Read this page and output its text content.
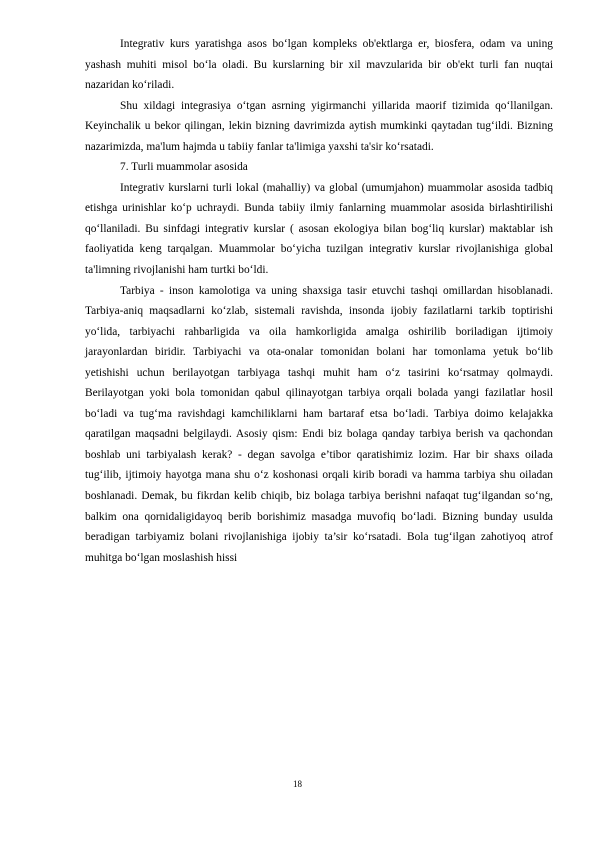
Integrativ kurs yaratishga asos bo‘lgan kompleks ob'ektlarga er, biosfera, odam va uning yashash muhiti misol bo‘la oladi. Bu kurslarning bir xil mavzularida bir ob'ekt turli fan nuqtai nazaridan ko‘riladi.

Shu xildagi integrasiya o‘tgan asrning yigirmanchi yillarida maorif tizimida qo‘llanilgan. Keyinchalik u bekor qilingan, lekin bizning davrimizda aytish mumkinki qaytadan tug‘ildi. Bizning nazarimizda, ma'lum hajmda u tabiiy fanlar ta'limiga yaxshi ta'sir ko‘rsatadi.

7. Turli muammolar asosida

Integrativ kurslarni turli lokal (mahalliy) va global (umumjahon) muammolar asosida tadbiq etishga urinishlar ko‘p uchraydi. Bunda tabiiy ilmiy fanlarning muammolar asosida birlashtirilishi qo‘llaniladi. Bu sinfdagi integrativ kurslar ( asosan ekologiya bilan bog‘liq kurslar) maktablar ish faoliyatida keng tarqalgan. Muammolar bo‘yicha tuzilgan integrativ kurslar rivojlanishiga global ta'limning rivojlanishi ham turtki bo‘ldi.

Tarbiya - inson kamolotiga va uning shaxsiga tasir etuvchi tashqi omillardan hisoblanadi. Tarbiya-aniq maqsadlarni ko‘zlab, sistemali ravishda, insonda ijobiy fazilatlarni tarkib toptirishi yo‘lida, tarbiyachi rahbarligida va oila hamkorligida amalga oshirilib boriladigan ijtimoiy jarayonlardan biridir. Tarbiyachi va ota-onalar tomonidan bolani har tomonlama yetuk bo‘lib yetishishi uchun berilayotgan tarbiyaga tashqi muhit ham o‘z tasirini ko‘rsatmay qolmaydi. Berilayotgan yoki bola tomonidan qabul qilinayotgan tarbiya orqali bolada yangi fazilatlar hosil bo‘ladi va tug‘ma ravishdagi kamchiliklarni ham bartaraf etsa bo‘ladi. Tarbiya doimo kelajakka qaratilgan maqsadni belgilaydi. Asosiy qism: Endi biz bolaga qanday tarbiya berish va qachondan boshlab uni tarbiyalash kerak? - degan savolga e’tibor qaratishimiz lozim. Har bir shaxs oilada tug‘ilib, ijtimoiy hayotga mana shu o‘z koshonasi orqali kirib boradi va hamma tarbiya shu oiladan boshlanadi. Demak, bu fikrdan kelib chiqib, biz bolaga tarbiya berishni nafaqat tug‘ilgandan so‘ng, balkim ona qornidaligidayoq berib borishimiz masadga muvofiq bo‘ladi. Bizning bunday usulda beradigan tarbiyamiz bolani rivojlanishiga ijobiy ta’sir ko‘rsatadi. Bola tug‘ilgan zahotiyoq atrof muhitga bo‘lgan moslashish hissi

18
